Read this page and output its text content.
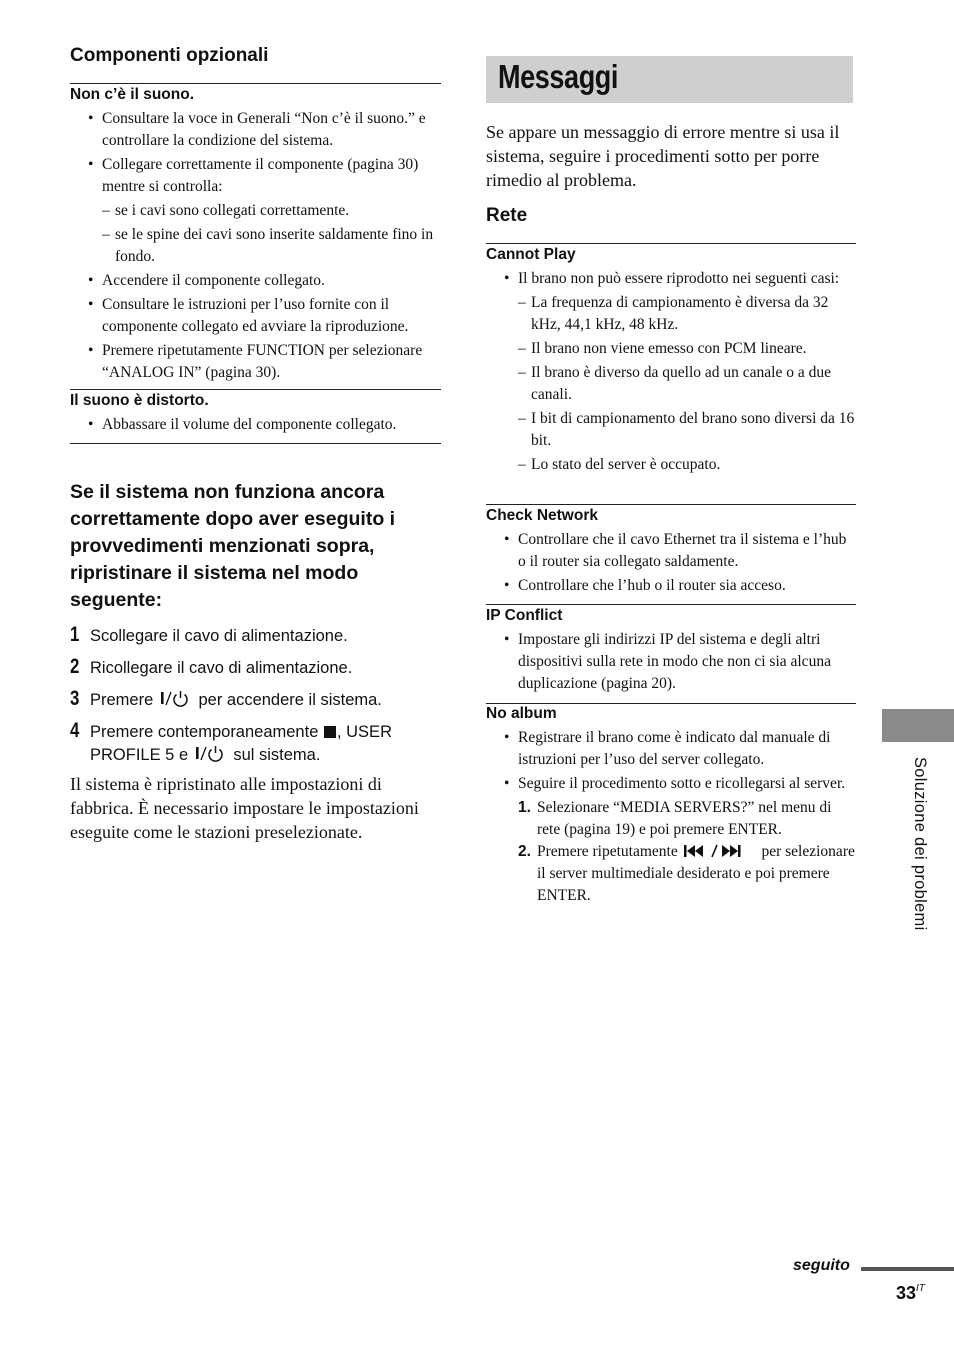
Componenti opzionali
Non c’è il suono.
• Consultare la voce in Generali “Non c’è il suono.” e controllare la condizione del sistema.
• Collegare correttamente il componente (pagina 30) mentre si controlla:
– se i cavi sono collegati correttamente.
– se le spine dei cavi sono inserite saldamente fino in fondo.
• Accendere il componente collegato.
• Consultare le istruzioni per l’uso fornite con il componente collegato ed avviare la riproduzione.
• Premere ripetutamente FUNCTION per selezionare “ANALOG IN” (pagina 30).
Il suono è distorto.
• Abbassare il volume del componente collegato.
Se il sistema non funziona ancora correttamente dopo aver eseguito i provvedimenti menzionati sopra, ripristinare il sistema nel modo seguente:
1 Scollegare il cavo di alimentazione.
2 Ricollegare il cavo di alimentazione.
3 Premere	per accendere il sistema.
4 Premere contemporaneamente , USER PROFILE 5 e	sul sistema.
Il sistema è ripristinato alle impostazioni di fabbrica. È necessario impostare le impostazioni eseguite come le stazioni preselezionate.
Messaggi
Se appare un messaggio di errore mentre si usa il sistema, seguire i procedimenti sotto per porre rimedio al problema.
Rete
Cannot Play
• Il brano non può essere riprodotto nei seguenti casi:
– La frequenza di campionamento è diversa da 32 kHz, 44,1 kHz, 48 kHz.
– Il brano non viene emesso con PCM lineare.
– Il brano è diverso da quello ad un canale o a due canali.
– I bit di campionamento del brano sono diversi da 16 bit.
– Lo stato del server è occupato.
Check Network
• Controllare che il cavo Ethernet tra il sistema e l’hub o il router sia collegato saldamente.
• Controllare che l’hub o il router sia acceso.
IP Conflict
• Impostare gli indirizzi IP del sistema e degli altri dispositivi sulla rete in modo che non ci sia alcuna duplicazione (pagina 20).
No album
• Registrare il brano come è indicato dal manuale di istruzioni per l’uso del server collegato.
• Seguire il procedimento sotto e ricollegarsi al server.
1. Selezionare “MEDIA SERVERS?” nel menu di rete (pagina 19) e poi premere ENTER.
2. Premere ripetutamente	per selezionare il server multimediale desiderato e poi premere ENTER.	Soluzione dei problemi
seguito
$33^{IT}$
